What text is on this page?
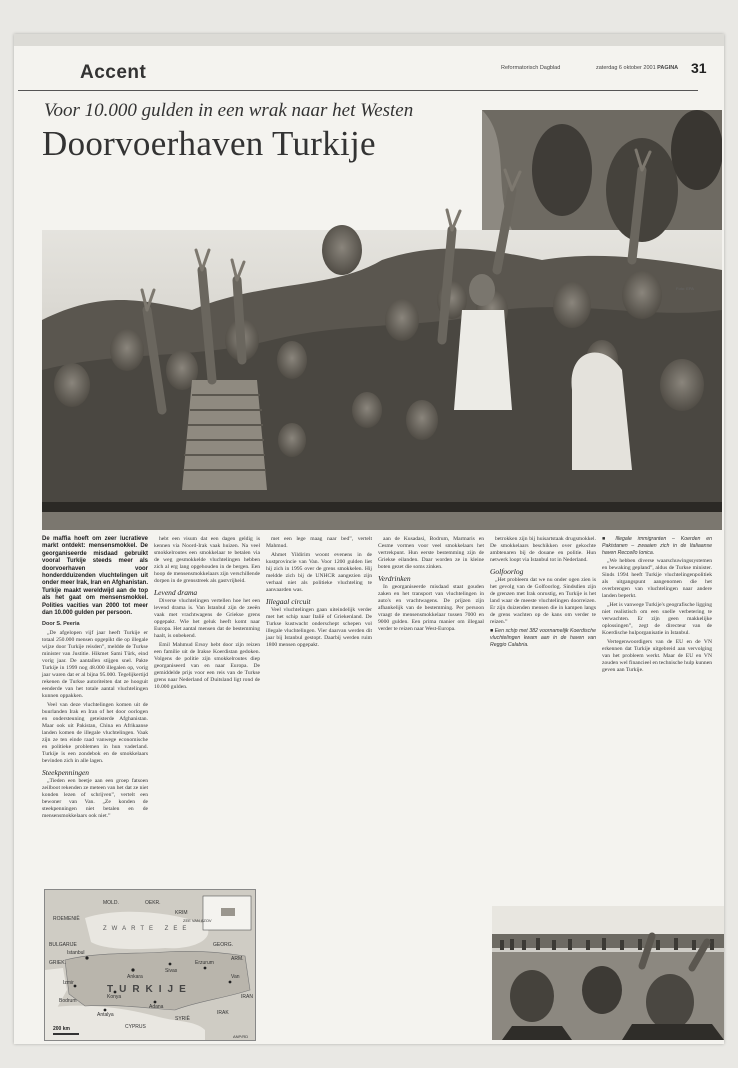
Accent	Reformatorisch Dagblad	zaterdag 6 oktober 2001 PAGINA 31
Voor 10.000 gulden in een wrak naar het Westen
Doorvoerhaven Turkije
Foto: EPA

De maffia hoeft om zeer lucratieve markt ontdekt: mensensmokkel. De georganiseerde misdaad gebruikt vooral Turkije steeds meer als doorvoerhaven voor honderdduizenden vluchtelingen uit onder meer Irak, Iran en Afghanistan. Turkije maakt wereldwijd aan de top als het gaat om mensensmokkel. Polities vacities van 2000 tot meer dan 10.000 gulden per persoon.

Door S. Peeria

„De afgelopen vijf jaar heeft Turkije er totaal 250.000 mensen opgepikt die op illegale wijze door Turkije reisden”, meldde de Turkse minister van Justitie. Hikmet Sami Türk, eind vorig jaar. De aantallen stijgen snel. Pakte Turkije in 1999 nog 48.000 illegalen op, vorig jaar waren dat er al bijna 95.000. Tegelijkertijd rekenen de Turkse autoriteiten dat ze hooguit eenderde van het totale aantal vluchtelingen kunnen oppakken.

Veel van deze vluchtelingen komen uit de buurlanden Irak en Iran of het door oorlogen en ondersteuning geteisterde Afghanistan. Maar ook uit Pakistan, China en Afrikaanse landen komen de illegale vluchtelingen. Vaak zijn ze ten einde raad vanwege economische en politieke problemen in hun vaderland. Turkije is een zondebok en de smokkelaars bevinden zich in alle lagen.

Steekpenningen

„Tieden een beetje aan een groep fatsoen zeilboot rekenden ze meteen van het dat ze niet konden lezen of schrijven”, vertelt een bewoner van Van. „Ze konden de steekpenningen niet betalen en de mensensmokkelaars ook niet.”

hebt een visum dat een dagen geldig is kennen via Noord-Irak vaak huizen. Na veel smokkelroutes een smokkelaar te betalen via de weg gesmokkelde vluchtelingen hebben zich al erg lang opgehouden in de bergen. Een hoop de mensensmokkelaars zijn verschillende dorpen in de grensstreek als gastvrijheid.

Levend drama

Diverse vluchtelingen vertellen hoe het een levend drama is. Van Istanbul zijn de zeeën vaak met vrachtwagens de Griekse grens opgepakt. Wie het geluk heeft komt naar Europa. Het aantal mensen dat de bestemming haalt, is onbekend.

Emil Mahmud Ersoy hebt door zijn reizen een familie uit de Irakse Koerdistan gedoken. Volgens de politie zijn smokkelroutes diep georganiseerd van en naar Europa. De gemiddelde prijs voor een reis van de Turkse grens naar Nederland of Duitsland ligt rond de 10.000 gulden.

met een lege maag naar bed”, vertelt Mahmud.

Ahmet Yildirim woont evenens in de kustprovincie van Van. Voor 1200 gulden liet hij zich in 1995 over de grens smokkelen. Hij meldde zich bij de UNHCR aangezien zijn verhaal niet als politieke vluchteling te aanvaarden was.

Illegaal circuit

Veel vluchtelingen gaan uiteindelijk verder met het schip naar Italië of Griekenland. De Turkse kustwacht onderschept schepen vol illegale vluchtelingen. Vier daarvan werden dit jaar bij Istanbul gestopt. Daarbij werden ruim 1800 mensen opgepakt.

aan de Kusadasi, Bodrum, Marmaris en Cesme vormen voor veel smokkelaars het vertrekpunt. Hun eerste bestemming zijn de Griekse eilanden. Daar worden ze in kleine boten gezet die soms zinken.

Verdrinken

In georganiseerde misdaad staat gouden zaken en het transport van vluchtelingen in auto's en vrachtwagens. De prijzen zijn afhankelijk van de bestemming. Per persoon vraagt de mensensmokkelaar tussen 7000 en 9000 gulden. Een prima manier om illegaal verder te reizen naar West-Europa.

betrokken zijn bij huisartstaak drugsmokkel. De smokkelaars beschikken over gekochte ambtenaren bij de douane en politie. Hun netwerk loopt via Istanbul tot in Nederland.

Golfoorlog

„Het probleem dat we nu onder ogen zien is het gevolg van de Golfoorlog. Sindsdien zijn de grenzen met Irak onrustig, en Turkije is het land waar de meeste vluchtelingen doorreizen. Er zijn duizenden mensen die in kampen langs de grens wachten op de kans om verder te reizen.”

■ Een schip met 382 voornamelijk Koerdische vluchtelingen kwam aan in de haven van Reggio Calabria.

■ Illegale immigranten – Koerden en Pakistanen – zwaaien zich in de Italiaanse haven Reccello Ionica.

„We hebben diverse waarschuwingssystemen en bewaking gepland”, aldus de Turkse minister. Sinds 1994 heeft Turkije vluchtelingenpolitiek als uitgangspunt aangenomen die het overbrengen van vluchtelingen naar andere landen beperkt.

„Het is vanwege Turkije's geografische ligging niet realistisch om een snelle verbetering te verwachten. Er zijn geen makkelijke oplossingen”, zegt de directeur van de Koerdische hulporganisatie in Istanbul.

Vertegenwoordigers van de EU en de VN erkennen dat Turkije uitgebreid aan vervolging van het probleem werkt. Maar de EU en VN zouden wel financieel en technische hulp kunnen geven aan Turkije.

MOLD.	OEKR.
ROEMENIË
KRIM
ZEE VAN AZOV
BULGARIJE
ZWARTE ZEE
GEORG.
ARM.
Istanbul
Ankara
Sivas
Erzurum
Van
Izmir
Konya
Antalya
Adana
SYRIË
IRAK
IRAN
GRIEK.
CYPRUS
Bodrum
TURKIJE
200 km
ANP/RD
